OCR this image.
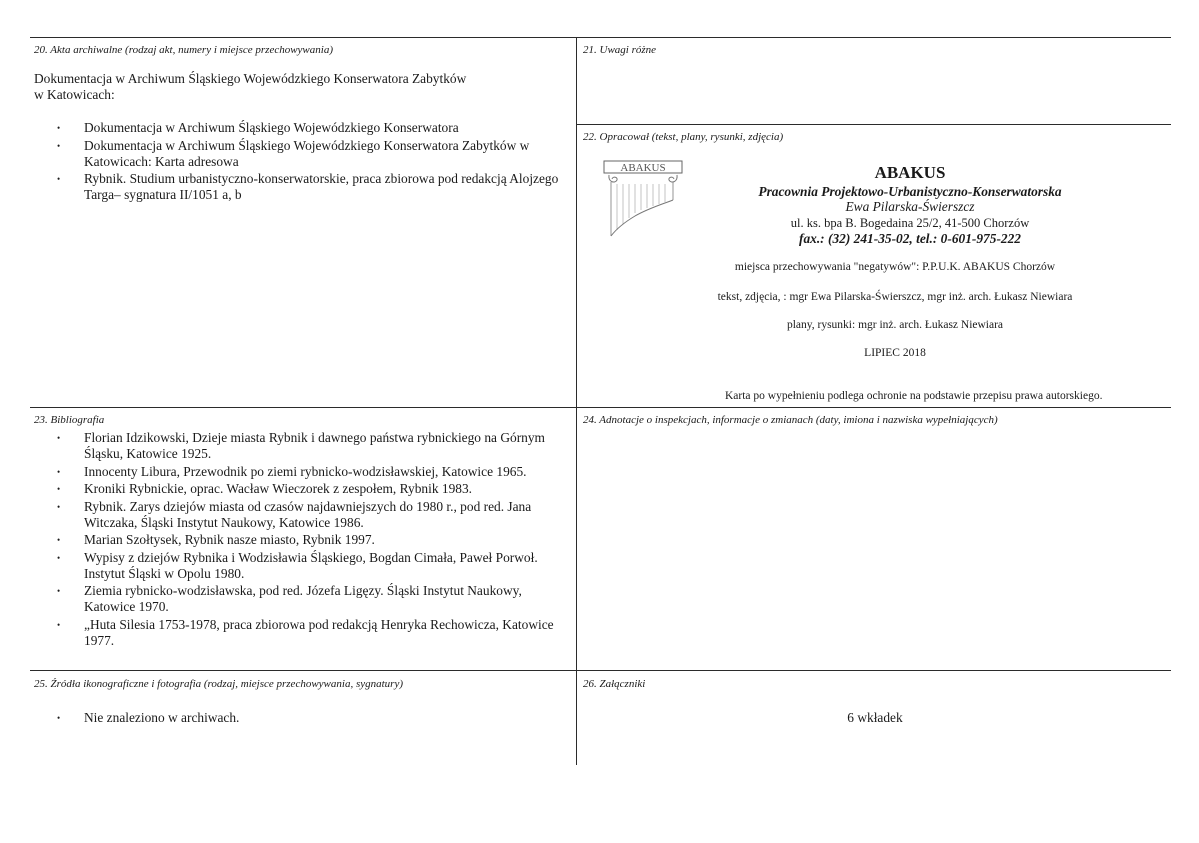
20. Akta archiwalne (rodzaj akt, numery i miejsce przechowywania)
Dokumentacja w Archiwum Śląskiego Wojewódzkiego Konserwatora Zabytków
w Katowicach:
• Dokumentacja w Archiwum Śląskiego Wojewódzkiego Konserwatora
• Dokumentacja w Archiwum Śląskiego Wojewódzkiego Konserwatora Zabytków w Katowicach: Karta adresowa
• Rybnik. Studium urbanistyczno-konserwatorskie, praca zbiorowa pod redakcją Alojzego Targa– sygnatura II/1051 a, b
21. Uwagi różne
22. Opracował (tekst, plany, rysunki, zdjęcia)
ABAKUS	ABAKUS
Pracownia Projektowo-Urbanistyczno-Konserwatorska
Ewa Pilarska-Świerszcz
ul. ks. bpa B. Bogedaina 25/2, 41-500 Chorzów
fax.: (32) 241-35-02, tel.: 0-601-975-222
miejsca przechowywania "negatywów": P.P.U.K. ABAKUS Chorzów
tekst, zdjęcia, : mgr Ewa Pilarska-Świerszcz, mgr inż. arch. Łukasz Niewiara
plany, rysunki: mgr inż. arch. Łukasz Niewiara
LIPIEC 2018
Karta po wypełnieniu podlega ochronie na podstawie przepisu prawa autorskiego.
23. Bibliografia
• Florian Idzikowski, Dzieje miasta Rybnik i dawnego państwa rybnickiego na Górnym Śląsku, Katowice 1925.
• Innocenty Libura, Przewodnik po ziemi rybnicko-wodzisławskiej, Katowice 1965.
• Kroniki Rybnickie, oprac. Wacław Wieczorek z zespołem, Rybnik 1983.
• Rybnik. Zarys dziejów miasta od czasów najdawniejszych do 1980 r., pod red. Jana Witczaka, Śląski Instytut Naukowy, Katowice 1986.
• Marian Szołtysek, Rybnik nasze miasto, Rybnik 1997.
• Wypisy z dziejów Rybnika i Wodzisławia Śląskiego, Bogdan Cimała, Paweł Porwoł. Instytut Śląski w Opolu 1980.
• Ziemia rybnicko-wodzisławska, pod red. Józefa Ligęzy. Śląski Instytut Naukowy, Katowice 1970.
• „Huta Silesia 1753-1978, praca zbiorowa pod redakcją Henryka Rechowicza, Katowice 1977.
24. Adnotacje o inspekcjach, informacje o zmianach (daty, imiona i nazwiska wypełniających)
25. Źródła ikonograficzne i fotografia (rodzaj, miejsce przechowywania, sygnatury)
• Nie znaleziono w archiwach.
26. Załączniki
6 wkładek
